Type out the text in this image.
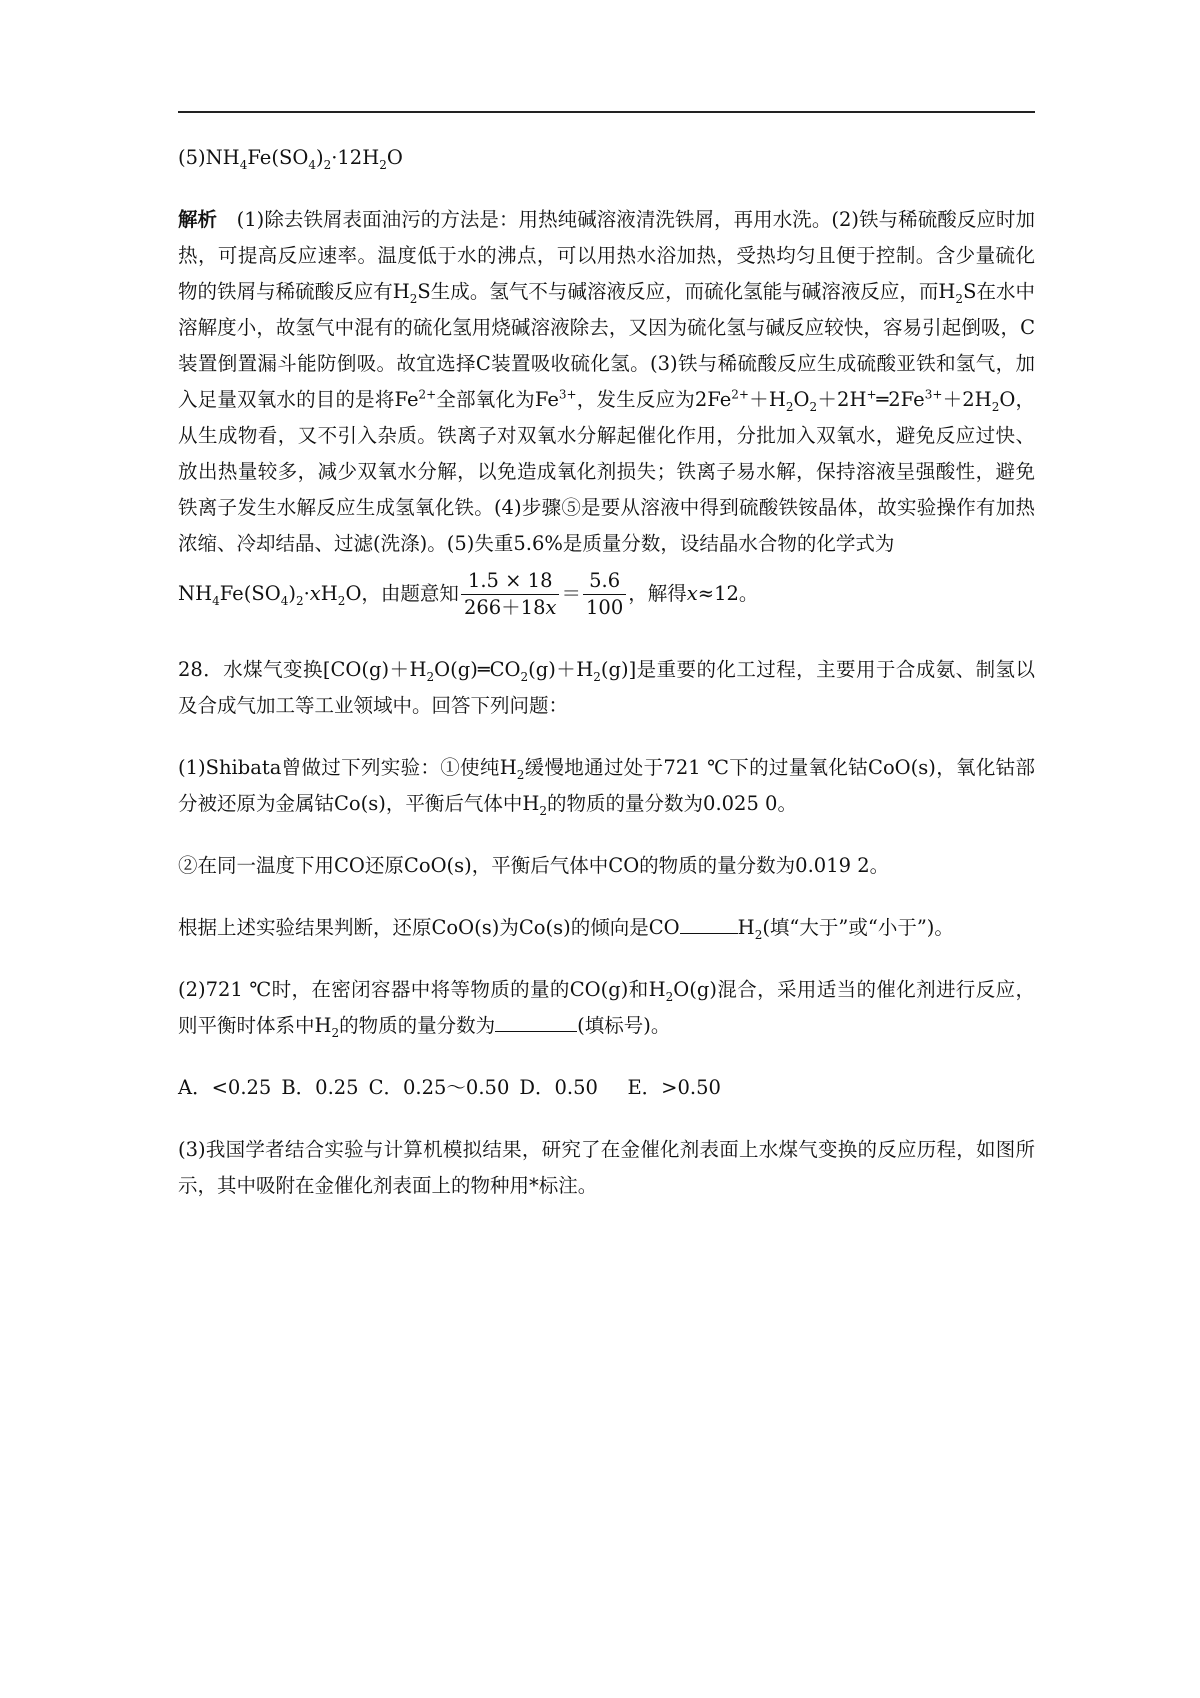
$(5)NH_4Fe(SO_4)_2\cdot 12H_2O$

解析　 (1)除去铁屑表面油污的方法是：用热纯碱溶液清洗铁屑，再用水洗。(2)铁与稀硫酸反应时加热，可提高反应速率。温度低于水的沸点，可以用热水浴加热，受热均匀且便于控制。含少量硫化物的铁屑与稀硫酸反应有$H_2S$生成。氢气不与碱溶液反应，而硫化氢能与碱溶液反应，而$H_2S$在水中溶解度小，故氢气中混有的硫化氢用烧碱溶液除去，又因为硫化氢与碱反应较快，容易引起倒吸，C装置倒置漏斗能防倒吸。故宜选择C装置吸收硫化氢。(3)铁与稀硫酸反应生成硫酸亚铁和氢气，加入足量双氧水的目的是将$Fe^{2+}$全部氧化为$Fe^{3+}$，发生反应为$2Fe^{2+}+H_2O_2+2H^+═2Fe^{3+}+2H_2O$，从生成物看，又不引入杂质。铁离子对双氧水分解起催化作用，分批加入双氧水，避免反应过快、放出热量较多，减少双氧水分解，以免造成氧化剂损失；铁离子易水解，保持溶液呈强酸性，避免铁离子发生水解反应生成氢氧化铁。(4)步骤⑤是要从溶液中得到硫酸铁铵晶体，故实验操作有加热浓缩、冷却结晶、过滤(洗涤)。(5)失重5.6%是质量分数，设结晶水合物的化学式为

$NH_4Fe(SO_4)_2\cdot xH_2O$，由题意知 $\frac{1.5 \times 18}{266+18x} = \frac{5.6}{100}$ ，解得x≈12。

28．水煤气变换$[CO(g)+H_2O(g)═CO_2(g)+H_2(g)]$是重要的化工过程，主要用于合成氨、制氢以及合成气加工等工业领域中。回答下列问题：

(1)Shibata曾做过下列实验：①使纯$H_2$缓慢地通过处于721 ℃下的过量氧化钴CoO(s)，氧化钴部分被还原为金属钴Co(s)，平衡后气体中$H_2$的物质的量分数为0.025 0。

②在同一温度下用CO还原CoO(s)，平衡后气体中CO的物质的量分数为0.019 2。

根据上述实验结果判断，还原CoO(s)为Co(s)的倾向是CO	$H_2$(填“大于”或“小于”)。

(2)721 ℃时，在密闭容器中将等物质的量的CO(g)和$H_2O(g)$混合，采用适当的催化剂进行反应，则平衡时体系中$H_2$的物质的量分数为	(填标号)。

A．<0.25 B．0.25 C．0.25～0.50 D．0.50　 E．>0.50

(3)我国学者结合实验与计算机模拟结果，研究了在金催化剂表面上水煤气变换的反应历程，如图所示，其中吸附在金催化剂表面上的物种用*标注。
